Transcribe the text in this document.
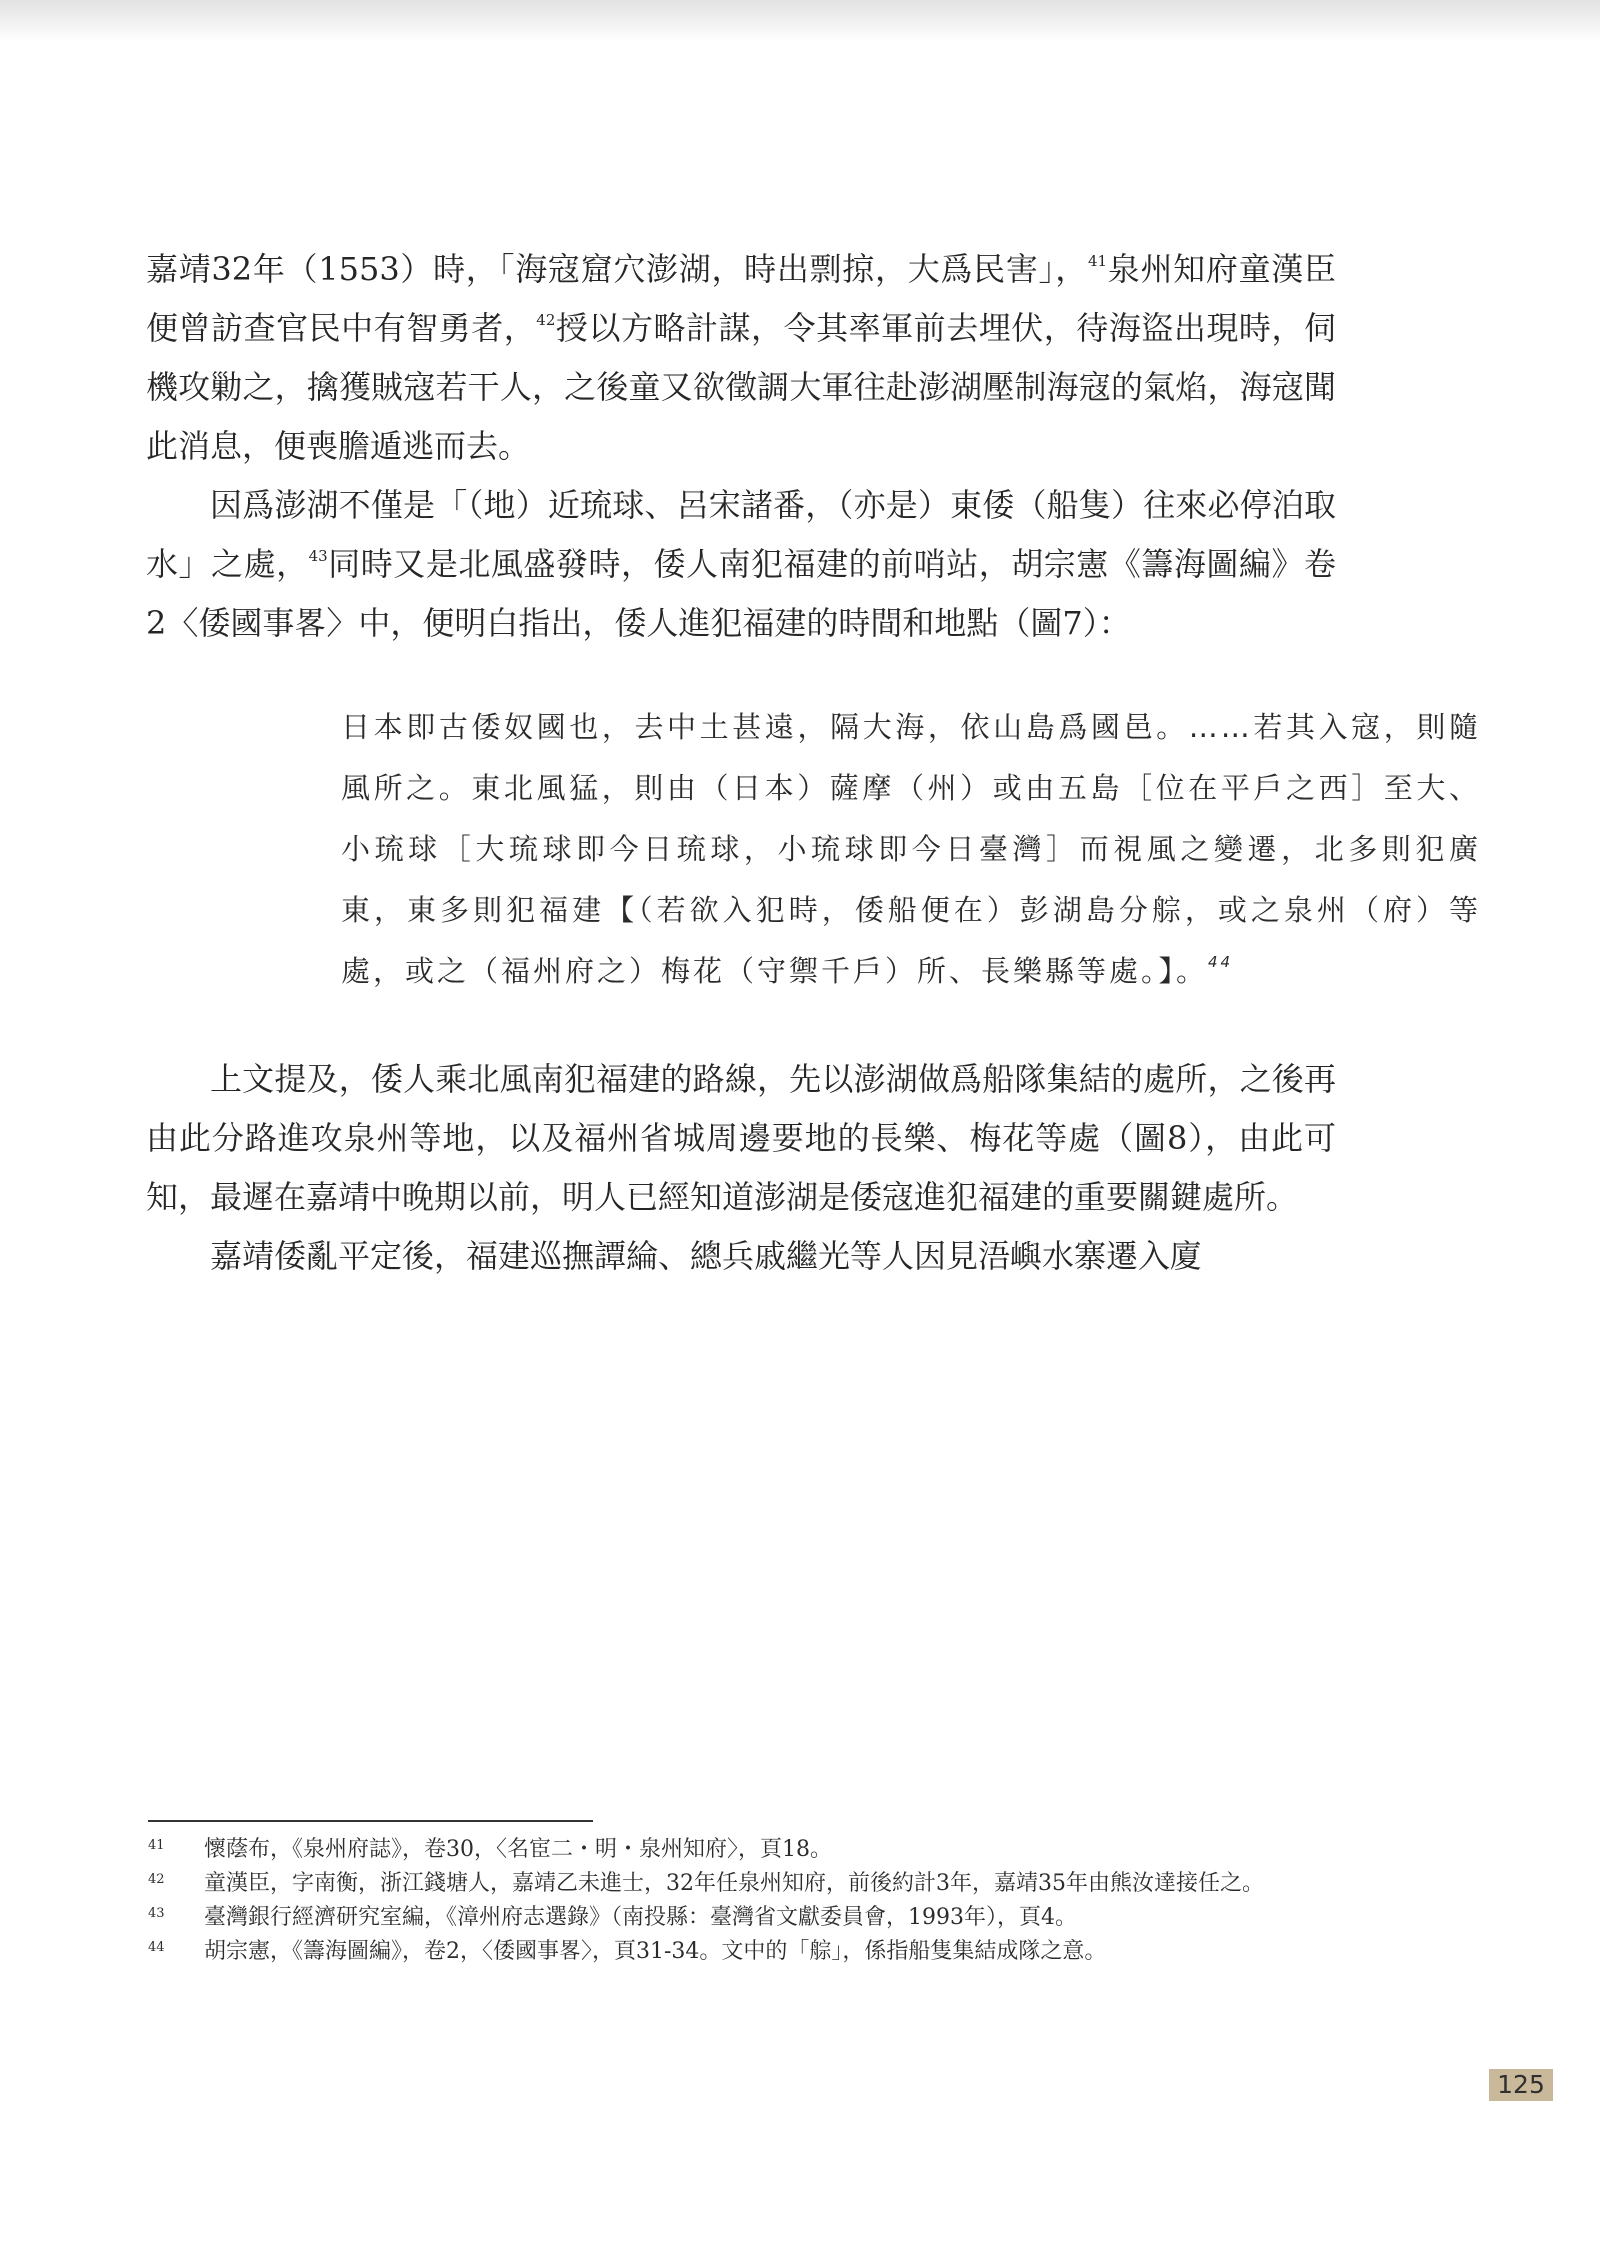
嘉靖32年（1553）時，「海寇窟穴澎湖，時出剽掠，大爲民害」，$^{41}$泉州知府童漢臣便曾訪查官民中有智勇者，$^{42}$授以方略計謀，令其率軍前去埋伏，待海盜出現時，伺機攻勦之，擒獲賊寇若干人，之後童又欲徵調大軍往赴澎湖壓制海寇的氣焰，海寇聞此消息，便喪膽遁逃而去。

因爲澎湖不僅是「（地）近琉球、呂宋諸番，（亦是）東倭（船隻）往來必停泊取水」之處，$^{43}$同時又是北風盛發時，倭人南犯福建的前哨站，胡宗憲《籌海圖編》卷2〈倭國事畧〉中，便明白指出，倭人進犯福建的時間和地點（圖7）：

日本即古倭奴國也，去中土甚遠，隔大海，依山島爲國邑。……若其入寇，則隨風所之。東北風猛，則由（日本）薩摩（州）或由五島［位在平戶之西］至大、小琉球［大琉球即今日琉球，小琉球即今日臺灣］而視風之變遷，北多則犯廣東，東多則犯福建【（若欲入犯時，倭船便在）彭湖島分䑸，或之泉州（府）等處，或之（福州府之）梅花（守禦千戶）所、長樂縣等處。】。$^{44}$

上文提及，倭人乘北風南犯福建的路線，先以澎湖做爲船隊集結的處所，之後再由此分路進攻泉州等地，以及福州省城周邊要地的長樂、梅花等處（圖8），由此可知，最遲在嘉靖中晚期以前，明人已經知道澎湖是倭寇進犯福建的重要關鍵處所。

嘉靖倭亂平定後，福建巡撫譚綸、總兵戚繼光等人因見浯嶼水寨遷入廈

41	懷蔭布，《泉州府誌》，卷30，〈名宦二・明・泉州知府〉，頁18。
42	童漢臣，字南衡，浙江錢塘人，嘉靖乙未進士，32年任泉州知府，前後約計3年，嘉靖35年由熊汝達接任之。
43	臺灣銀行經濟研究室編，《漳州府志選錄》（南投縣：臺灣省文獻委員會，1993年），頁4。
44	胡宗憲，《籌海圖編》，卷2，〈倭國事畧〉，頁31-34。文中的「䑸」，係指船隻集結成隊之意。
125
